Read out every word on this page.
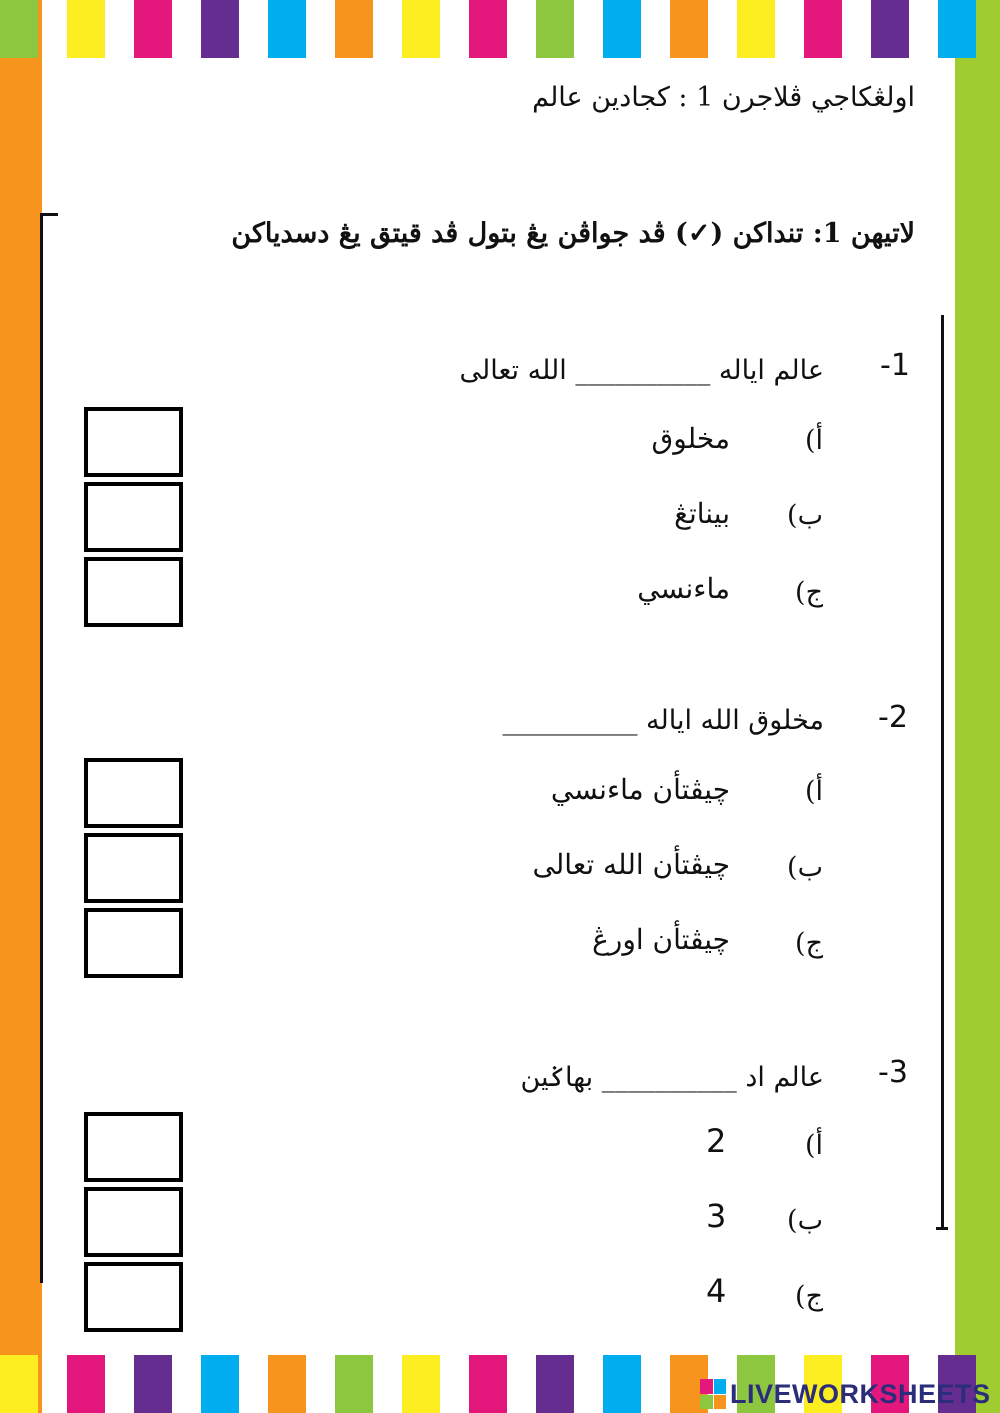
اولڠكاجي ڤلاجرن 1 : كجادين عالم
لاتيهن 1: تنداكن (✓) ڤد جواڤن يڠ بتول ڤد قيتق يڠ دسدياكن
-1
عالم اياله __________ الله تعالى
أ)
مخلوق
ب)
بيناتڠ
ج)
ماءنسي
-2
مخلوق الله اياله __________
أ)
چيڤتأن ماءنسي
ب)
چيڤتأن الله تعالى
ج)
چيڤتأن اورڠ
-3
عالم اد __________ بهاݢين
أ)
2
ب)
3
ج)
4
LIVEWORKSHEETS
